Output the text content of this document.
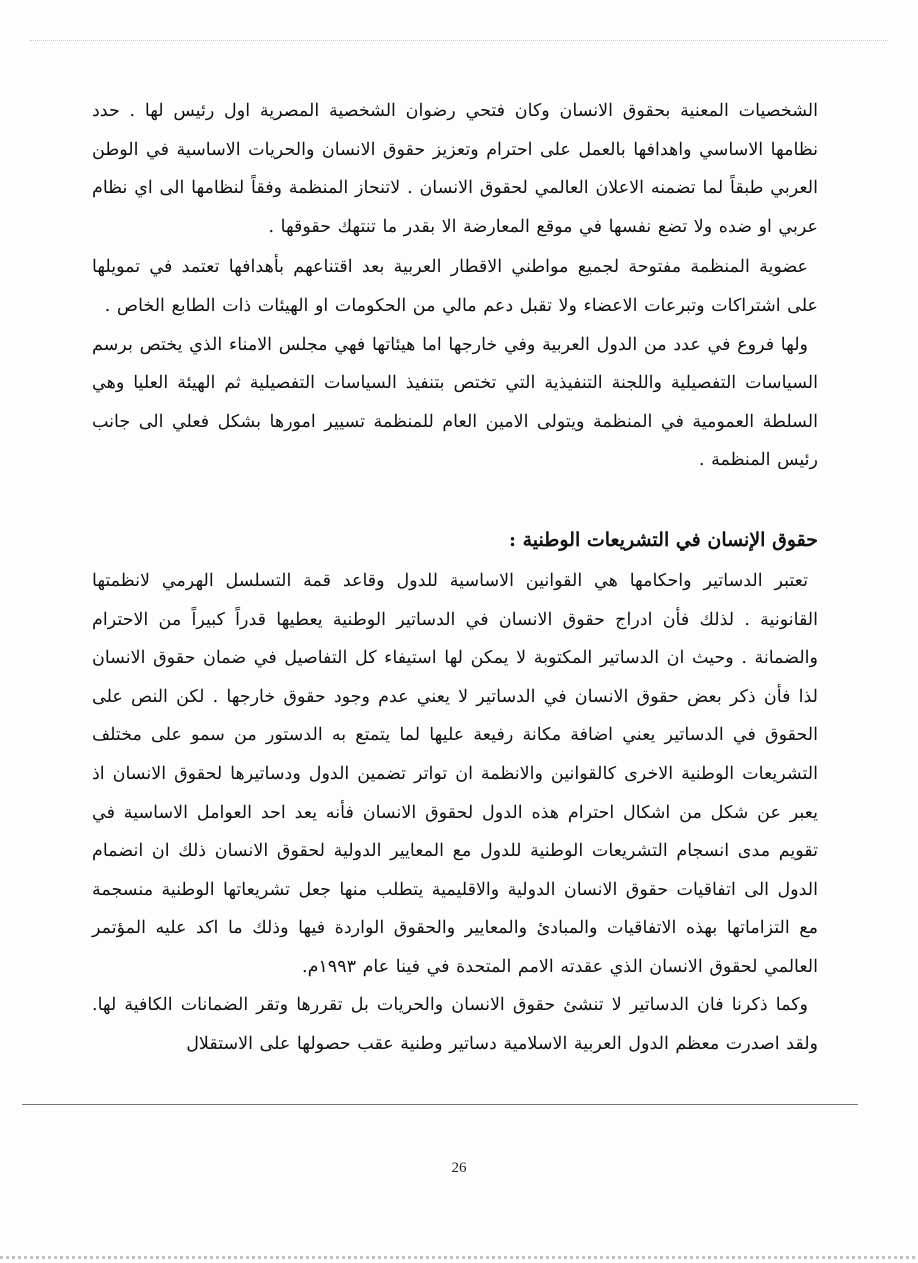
الشخصيات المعنية بحقوق الانسان وكان فتحي رضوان الشخصية المصرية اول رئيس لها . حدد نظامها الاساسي واهدافها بالعمل على احترام وتعزيز حقوق الانسان والحريات الاساسية في الوطن العربي طبقاً لما تضمنه الاعلان العالمي لحقوق الانسان . لاتنحاز المنظمة وفقاً لنظامها الى اي نظام عربي او ضده ولا تضع نفسها في موقع المعارضة الا بقدر ما تنتهك حقوقها .

عضوية المنظمة مفتوحة لجميع مواطني الاقطار العربية بعد اقتناعهم بأهدافها تعتمد في تمويلها على اشتراكات وتبرعات الاعضاء ولا تقبل دعم مالي من الحكومات او الهيئات ذات الطابع الخاص .

ولها فروع في عدد من الدول العربية وفي خارجها اما هيئاتها فهي مجلس الامناء الذي يختص برسم السياسات التفصيلية واللجنة التنفيذية التي تختص بتنفيذ السياسات التفصيلية ثم الهيئة العليا وهي السلطة العمومية في المنظمة ويتولى الامين العام للمنظمة تسيير امورها بشكل فعلي الى جانب رئيس المنظمة .

حقوق الإنسان في التشريعات الوطنية :

تعتبر الدساتير واحكامها هي القوانين الاساسية للدول وقاعد قمة التسلسل الهرمي لانظمتها القانونية . لذلك فأن ادراج حقوق الانسان في الدساتير الوطنية يعطيها قدراً كبيراً من الاحترام والضمانة . وحيث ان الدساتير المكتوبة لا يمكن لها استيفاء كل التفاصيل في ضمان حقوق الانسان لذا فأن ذكر بعض حقوق الانسان في الدساتير لا يعني عدم وجود حقوق خارجها . لكن النص على الحقوق في الدساتير يعني اضافة مكانة رفيعة عليها لما يتمتع به الدستور من سمو على مختلف التشريعات الوطنية الاخرى كالقوانين والانظمة ان تواتر تضمين الدول ودساتيرها لحقوق الانسان اذ يعبر عن شكل من اشكال احترام هذه الدول لحقوق الانسان فأنه يعد احد العوامل الاساسية في تقويم مدى انسجام التشريعات الوطنية للدول مع المعايير الدولية لحقوق الانسان ذلك ان انضمام الدول الى اتفاقيات حقوق الانسان الدولية والاقليمية يتطلب منها جعل تشريعاتها الوطنية منسجمة مع التزاماتها بهذه الاتفاقيات والمبادئ والمعايير والحقوق الواردة فيها وذلك ما اكد عليه المؤتمر العالمي لحقوق الانسان الذي عقدته الامم المتحدة في فينا عام ١٩٩٣م.

وكما ذكرنا فان الدساتير لا تنشئ حقوق الانسان والحريات بل تقررها وتقر الضمانات الكافية لها. ولقد اصدرت معظم الدول العربية الاسلامية دساتير وطنية عقب حصولها على الاستقلال

26
